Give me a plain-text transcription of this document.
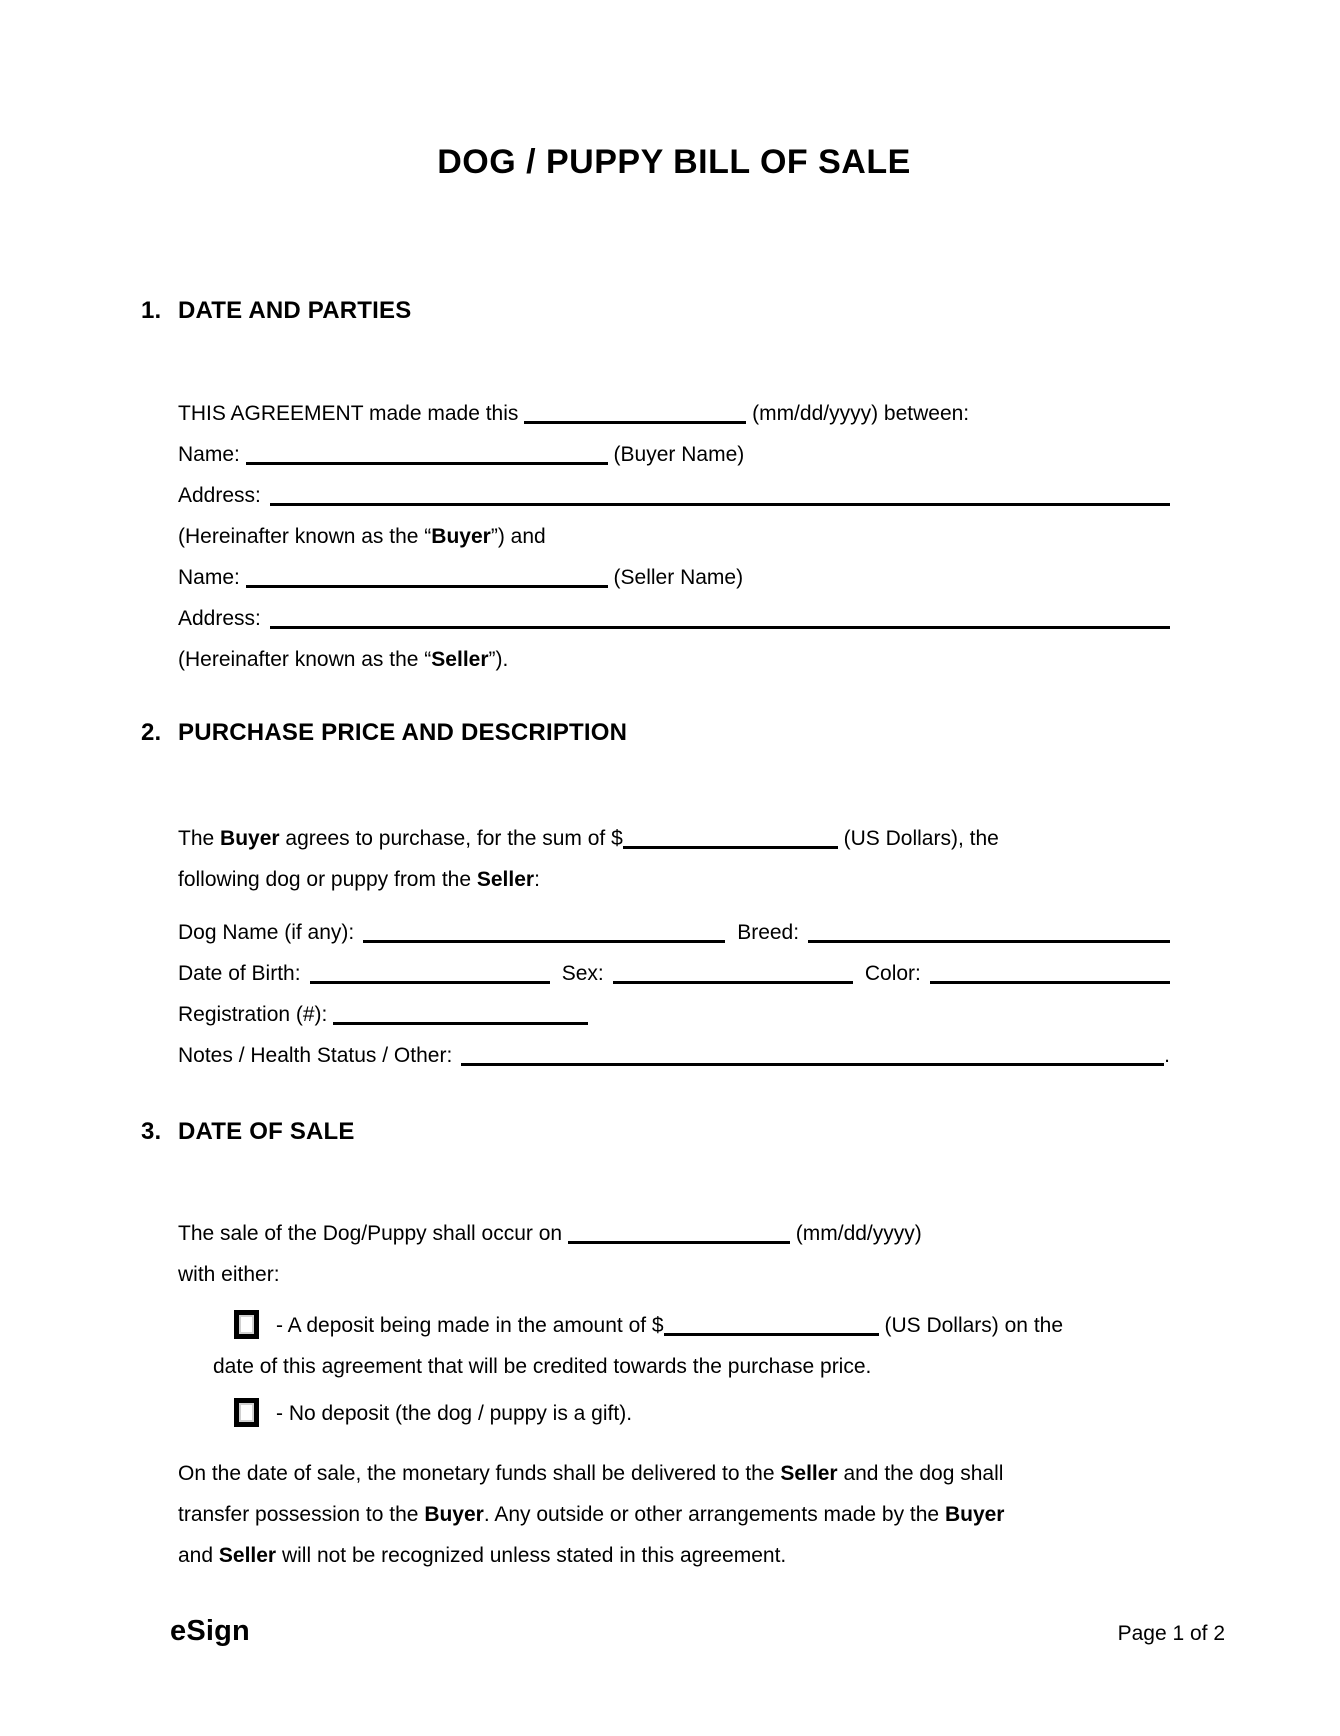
DOG / PUPPY BILL OF SALE
1. DATE AND PARTIES
THIS AGREEMENT made made this	(mm/dd/yyyy) between:
Name:	(Buyer Name)
Address:
(Hereinafter known as the “Buyer”) and
Name:	(Seller Name)
Address:
(Hereinafter known as the “Seller”).
2. PURCHASE PRICE AND DESCRIPTION
The Buyer agrees to purchase, for the sum of $	(US Dollars), the
following dog or puppy from the Seller:
Dog Name (if any):	Breed:
Date of Birth:	Sex:	Color:
Registration (#):
Notes / Health Status / Other:	.
3. DATE OF SALE
The sale of the Dog/Puppy shall occur on	(mm/dd/yyyy)
with either:
- A deposit being made in the amount of $	(US Dollars) on the
date of this agreement that will be credited towards the purchase price.
- No deposit (the dog / puppy is a gift).
On the date of sale, the monetary funds shall be delivered to the Seller and the dog shall
transfer possession to the Buyer. Any outside or other arrangements made by the Buyer
and Seller will not be recognized unless stated in this agreement.
eSign	Page 1 of 2
